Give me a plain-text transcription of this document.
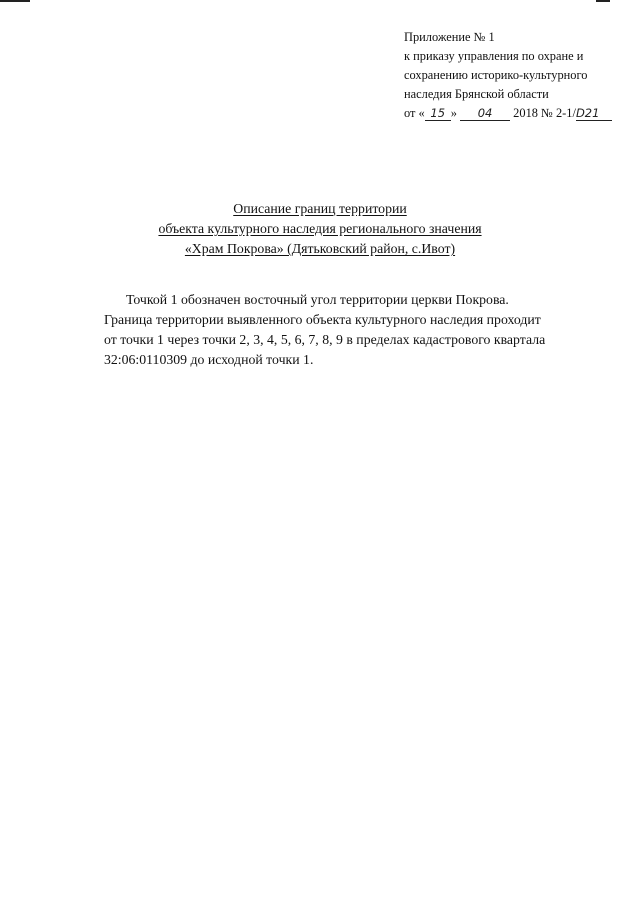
Приложение № 1
к приказу управления по охране и
сохранению историко-культурного
наследия Брянской области
от « 15 » 04 2018 № 2-1/D21
Описание границ территории
объекта культурного наследия регионального значения
«Храм Покрова» (Дятьковский район, с.Ивот)
Точкой 1 обозначен восточный угол территории церкви Покрова.
Граница территории выявленного объекта культурного наследия проходит
от точки 1 через точки 2, 3, 4, 5, 6, 7, 8, 9 в пределах кадастрового квартала
32:06:0110309 до исходной точки 1.
